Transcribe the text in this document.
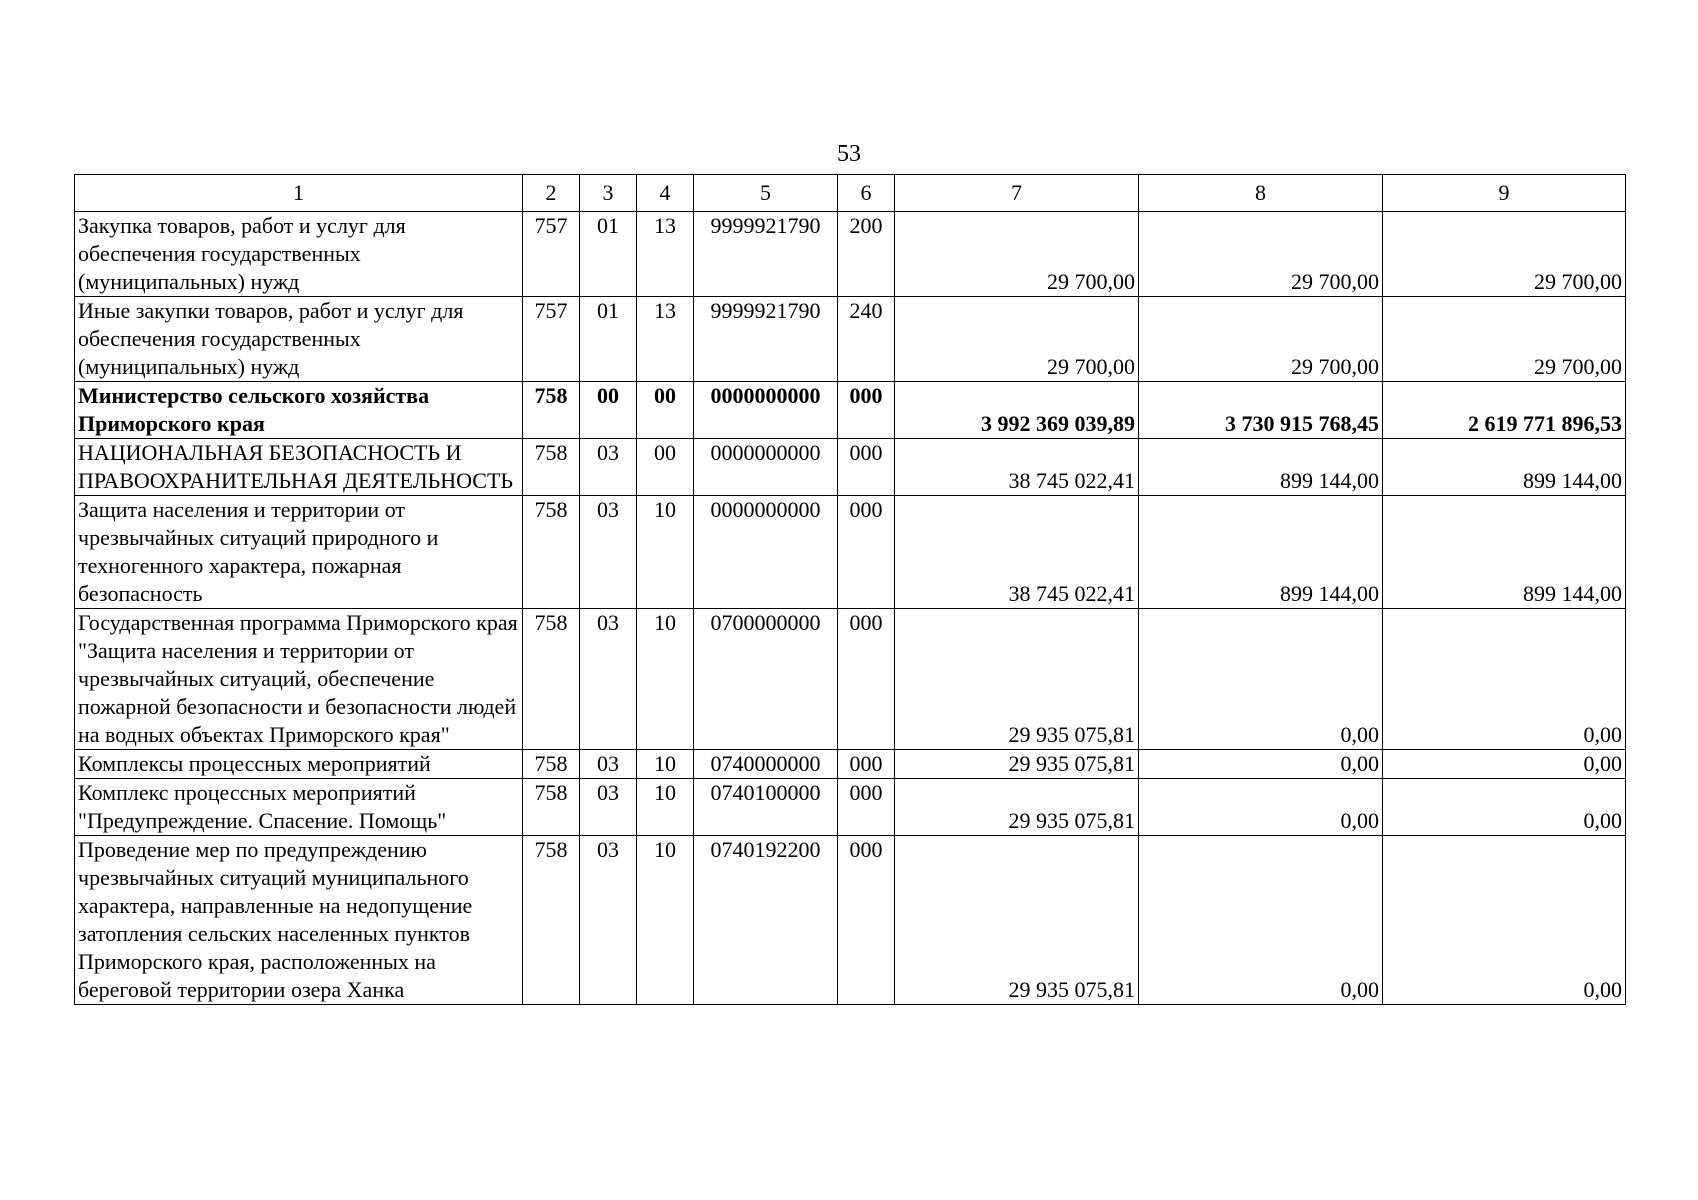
53
1	2	3	4	5	6	7	8	9
Закупка товаров, работ и услуг для обеспечения государственных (муниципальных) нужд	757	01	13	9999921790	200	29 700,00	29 700,00	29 700,00
Иные закупки товаров, работ и услуг для обеспечения государственных (муниципальных) нужд	757	01	13	9999921790	240	29 700,00	29 700,00	29 700,00
Министерство сельского хозяйства Приморского края	758	00	00	0000000000	000	3 992 369 039,89	3 730 915 768,45	2 619 771 896,53
НАЦИОНАЛЬНАЯ БЕЗОПАСНОСТЬ И ПРАВООХРАНИТЕЛЬНАЯ ДЕЯТЕЛЬНОСТЬ	758	03	00	0000000000	000	38 745 022,41	899 144,00	899 144,00
Защита населения и территории от чрезвычайных ситуаций природного и техногенного характера, пожарная безопасность	758	03	10	0000000000	000	38 745 022,41	899 144,00	899 144,00
Государственная программа Приморского края "Защита населения и территории от чрезвычайных ситуаций, обеспечение пожарной безопасности и безопасности людей на водных объектах Приморского края"	758	03	10	0700000000	000	29 935 075,81	0,00	0,00
Комплексы процессных мероприятий	758	03	10	0740000000	000	29 935 075,81	0,00	0,00
Комплекс процессных мероприятий "Предупреждение. Спасение. Помощь"	758	03	10	0740100000	000	29 935 075,81	0,00	0,00
Проведение мер по предупреждению чрезвычайных ситуаций муниципального характера, направленные на недопущение затопления сельских населенных пунктов Приморского края, расположенных на береговой территории озера Ханка	758	03	10	0740192200	000	29 935 075,81	0,00	0,00
